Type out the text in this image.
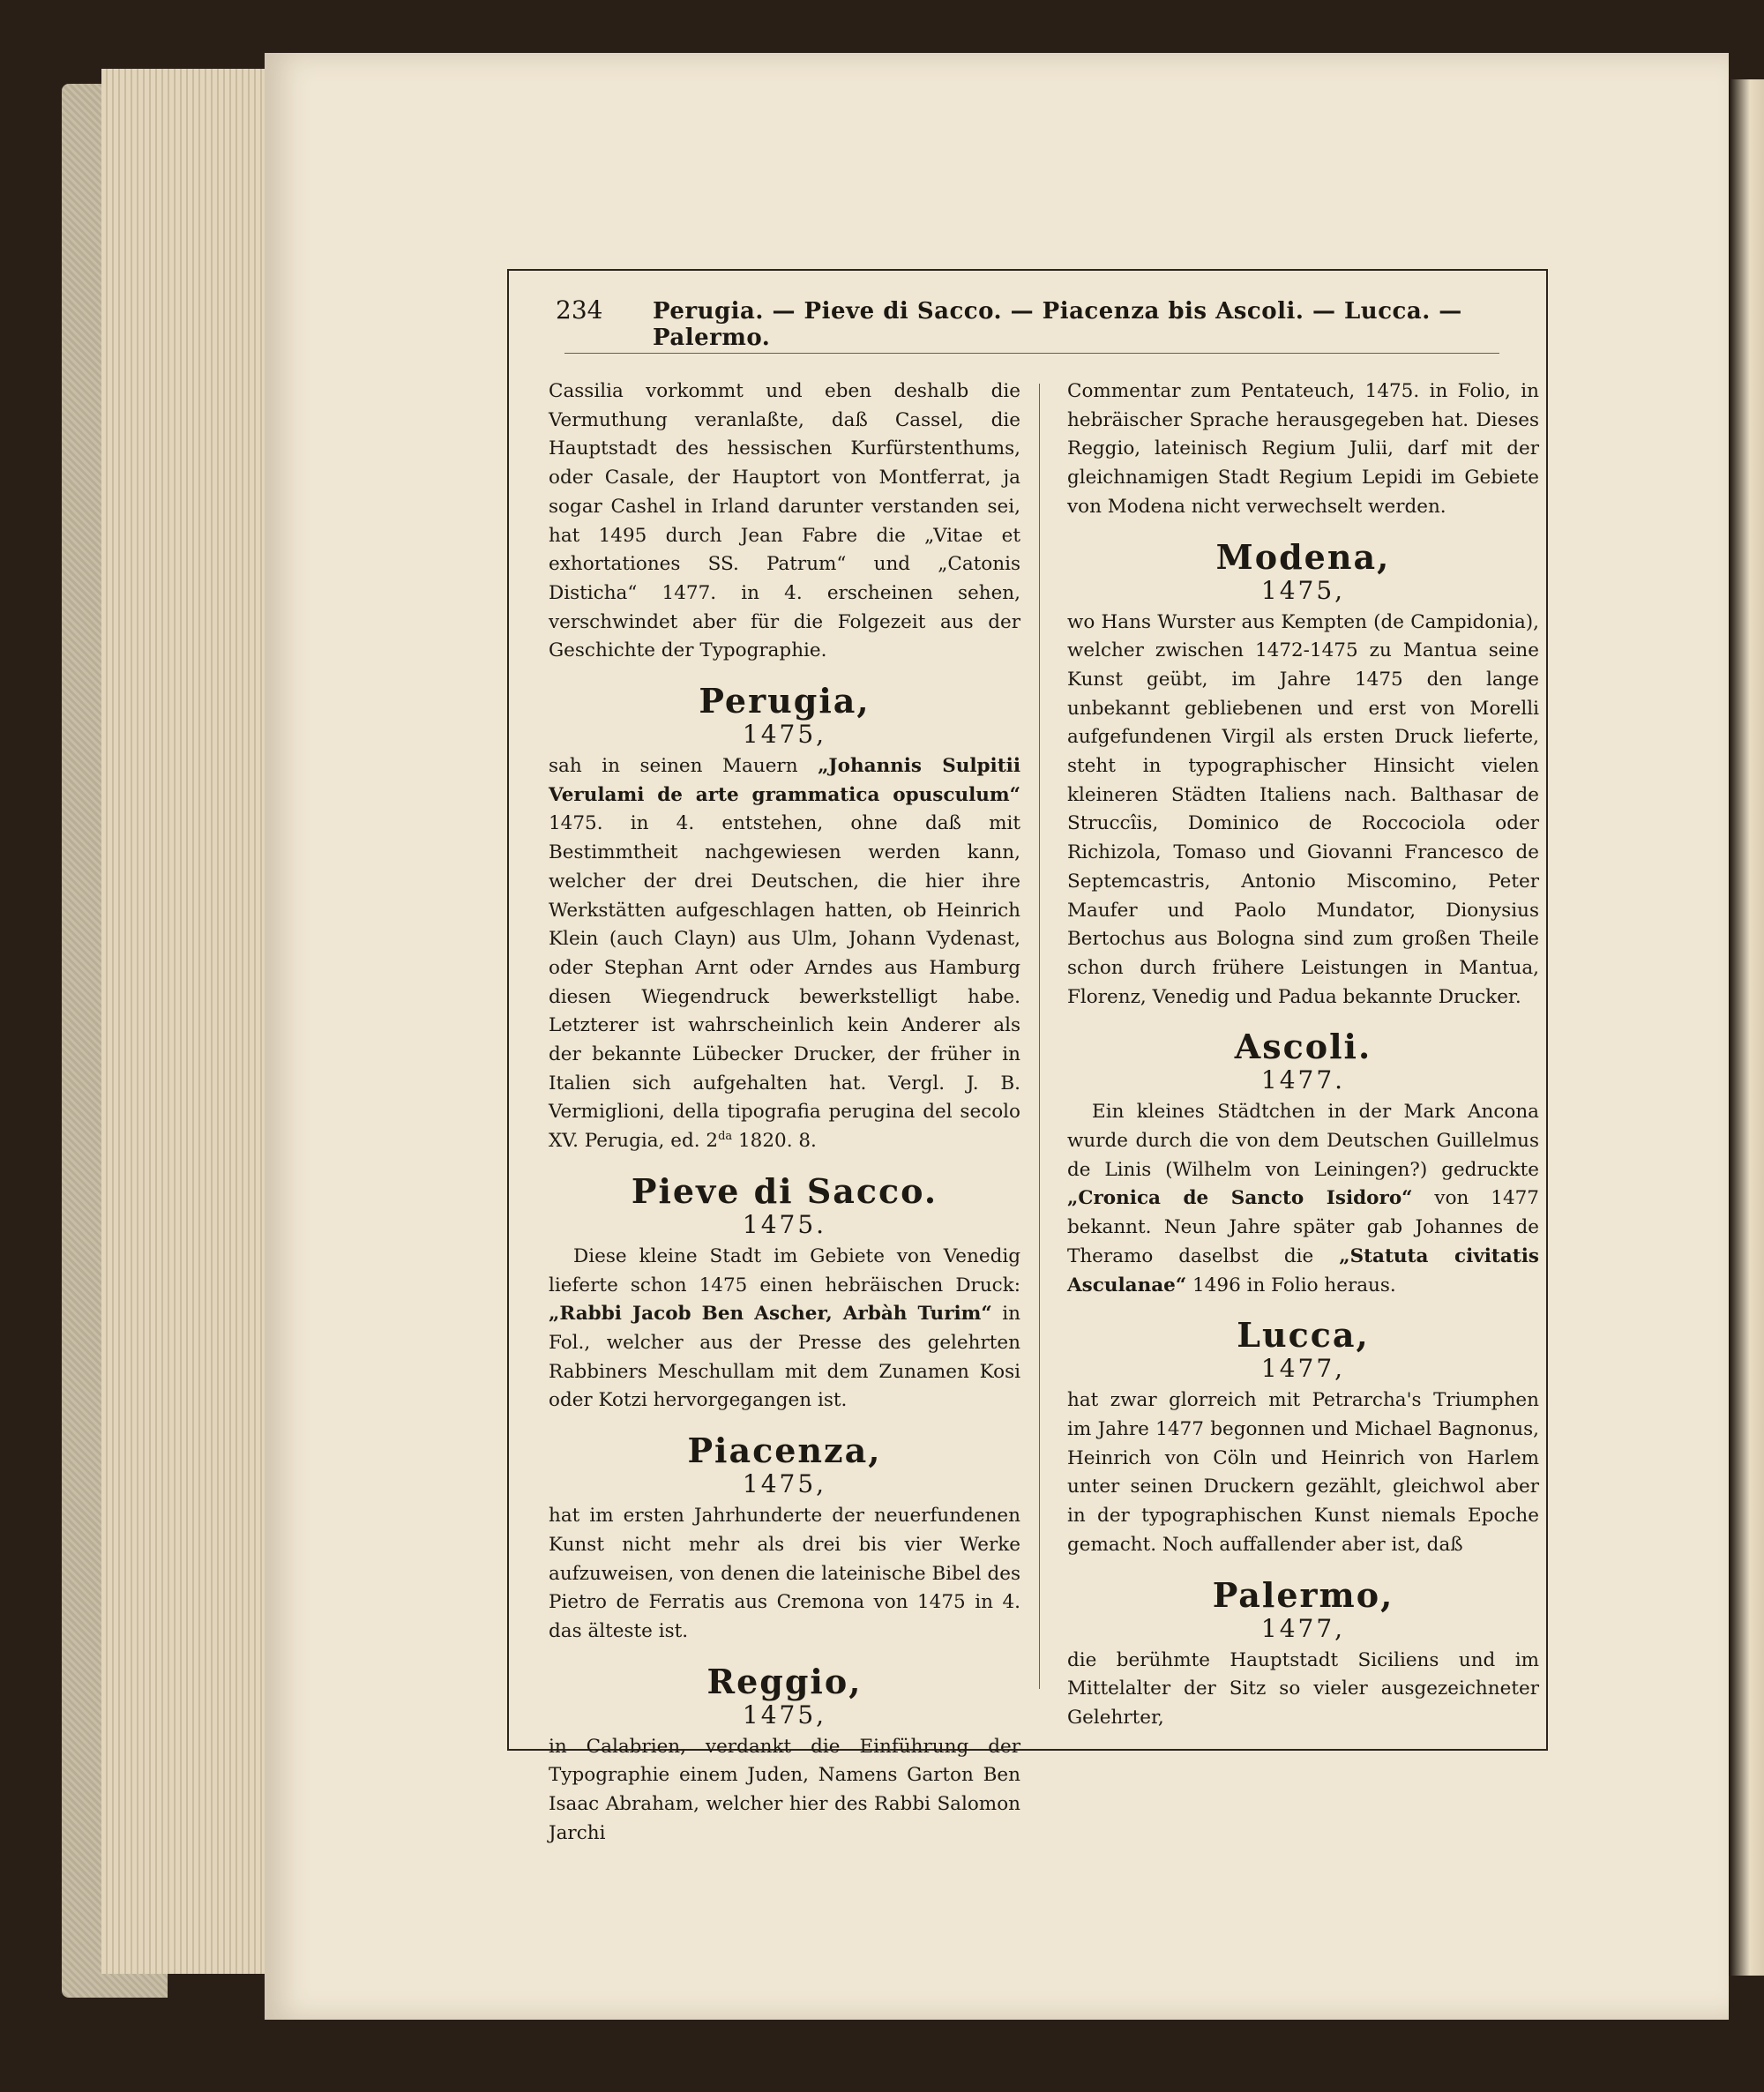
234	Perugia. — Pieve di Sacco. — Piacenza bis Ascoli. — Lucca. — Palermo.

Cassilia vorkommt und eben deshalb die Vermuthung veranlaßte, daß Cassel, die Hauptstadt des hessischen Kurfürstenthums, oder Casale, der Hauptort von Montferrat, ja sogar Cashel in Irland darunter verstanden sei, hat 1495 durch Jean Fabre die „Vitae et exhortationes SS. Patrum“ und „Catonis Disticha“ 1477. in 4. erscheinen sehen, verschwindet aber für die Folgezeit aus der Geschichte der Typographie.

Perugia,
1475,

sah in seinen Mauern „Johannis Sulpitii Verulami de arte grammatica opusculum“ 1475. in 4. entstehen, ohne daß mit Bestimmtheit nachgewiesen werden kann, welcher der drei Deutschen, die hier ihre Werkstätten aufgeschlagen hatten, ob Heinrich Klein (auch Clayn) aus Ulm, Johann Vydenast, oder Stephan Arnt oder Arndes aus Hamburg diesen Wiegendruck bewerkstelligt habe. Letzterer ist wahrscheinlich kein Anderer als der bekannte Lübecker Drucker, der früher in Italien sich aufgehalten hat. Vergl. J. B. Vermiglioni, della tipografia perugina del secolo XV. Perugia, ed. $2^{da}$ 1820. 8.

Pieve di Sacco.
1475.

Diese kleine Stadt im Gebiete von Venedig lieferte schon 1475 einen hebräischen Druck: „Rabbi Jacob Ben Ascher, Arbàh Turim“ in Fol., welcher aus der Presse des gelehrten Rabbiners Meschullam mit dem Zunamen Kosi oder Kotzi hervorgegangen ist.

Piacenza,
1475,

hat im ersten Jahrhunderte der neuerfundenen Kunst nicht mehr als drei bis vier Werke aufzuweisen, von denen die lateinische Bibel des Pietro de Ferratis aus Cremona von 1475 in 4. das älteste ist.

Reggio,
1475,

in Calabrien, verdankt die Einführung der Typographie einem Juden, Namens Garton Ben Isaac Abraham, welcher hier des Rabbi Salomon Jarchi

Commentar zum Pentateuch, 1475. in Folio, in hebräischer Sprache herausgegeben hat. Dieses Reggio, lateinisch Regium Julii, darf mit der gleichnamigen Stadt Regium Lepidi im Gebiete von Modena nicht verwechselt werden.

Modena,
1475,

wo Hans Wurster aus Kempten (de Campidonia), welcher zwischen 1472-1475 zu Mantua seine Kunst geübt, im Jahre 1475 den lange unbekannt gebliebenen und erst von Morelli aufgefundenen Virgil als ersten Druck lieferte, steht in typographischer Hinsicht vielen kleineren Städten Italiens nach. Balthasar de Struccîis, Dominico de Roccociola oder Richizola, Tomaso und Giovanni Francesco de Septemcastris, Antonio Miscomino, Peter Maufer und Paolo Mundator, Dionysius Bertochus aus Bologna sind zum großen Theile schon durch frühere Leistungen in Mantua, Florenz, Venedig und Padua bekannte Drucker.

Ascoli.
1477.

Ein kleines Städtchen in der Mark Ancona wurde durch die von dem Deutschen Guillelmus de Linis (Wilhelm von Leiningen?) gedruckte „Cronica de Sancto Isidoro“ von 1477 bekannt. Neun Jahre später gab Johannes de Theramo daselbst die „Statuta civitatis Asculanae“ 1496 in Folio heraus.

Lucca,
1477,

hat zwar glorreich mit Petrarcha's Triumphen im Jahre 1477 begonnen und Michael Bagnonus, Heinrich von Cöln und Heinrich von Harlem unter seinen Druckern gezählt, gleichwol aber in der typographischen Kunst niemals Epoche gemacht. Noch auffallender aber ist, daß

Palermo,
1477,

die berühmte Hauptstadt Siciliens und im Mittelalter der Sitz so vieler ausgezeichneter Gelehrter,
